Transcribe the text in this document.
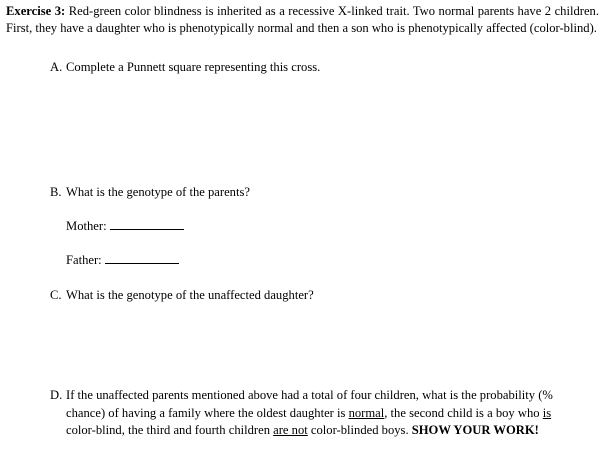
Exercise 3: Red-green color blindness is inherited as a recessive X-linked trait. Two normal parents have 2 children. First, they have a daughter who is phenotypically normal and then a son who is phenotypically affected (color-blind).
A. Complete a Punnett square representing this cross.
B. What is the genotype of the parents?
Mother:
Father:
C. What is the genotype of the unaffected daughter?
D. If the unaffected parents mentioned above had a total of four children, what is the probability (% chance) of having a family where the oldest daughter is normal, the second child is a boy who is color-blind, the third and fourth children are not color-blinded boys. SHOW YOUR WORK!
